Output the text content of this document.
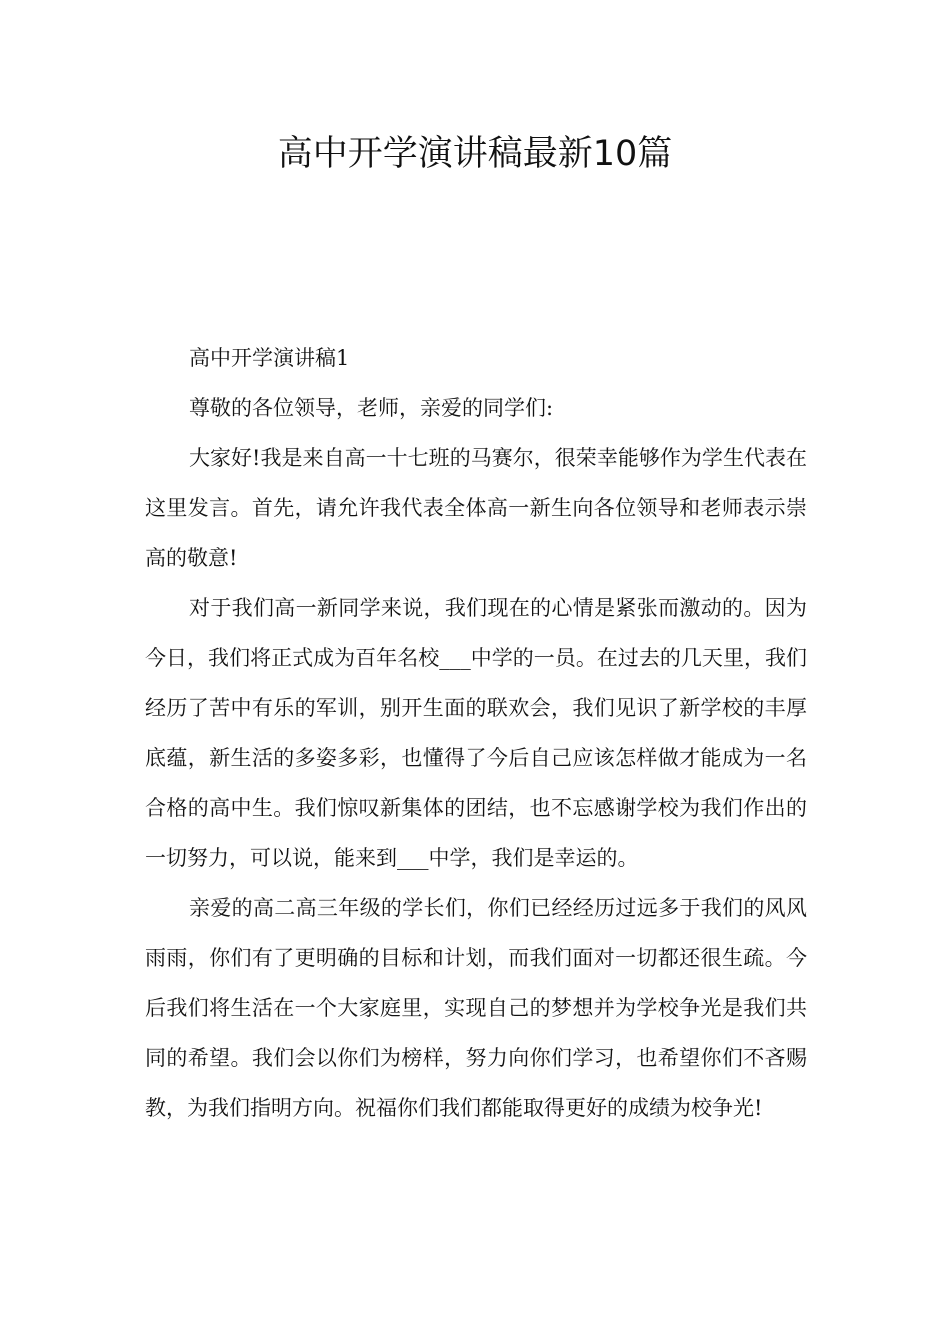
高中开学演讲稿最新10篇

高中开学演讲稿1

尊敬的各位领导，老师，亲爱的同学们:

大家好!我是来自高一十七班的马赛尔，很荣幸能够作为学生代表在这里发言。首先，请允许我代表全体高一新生向各位领导和老师表示崇高的敬意!

对于我们高一新同学来说，我们现在的心情是紧张而激动的。因为今日，我们将正式成为百年名校___中学的一员。在过去的几天里，我们经历了苦中有乐的军训，别开生面的联欢会，我们见识了新学校的丰厚底蕴，新生活的多姿多彩，也懂得了今后自己应该怎样做才能成为一名合格的高中生。我们惊叹新集体的团结，也不忘感谢学校为我们作出的一切努力，可以说，能来到___中学，我们是幸运的。

亲爱的高二高三年级的学长们，你们已经经历过远多于我们的风风雨雨，你们有了更明确的目标和计划，而我们面对一切都还很生疏。今后我们将生活在一个大家庭里，实现自己的梦想并为学校争光是我们共同的希望。我们会以你们为榜样，努力向你们学习，也希望你们不吝赐教，为我们指明方向。祝福你们我们都能取得更好的成绩为校争光!
